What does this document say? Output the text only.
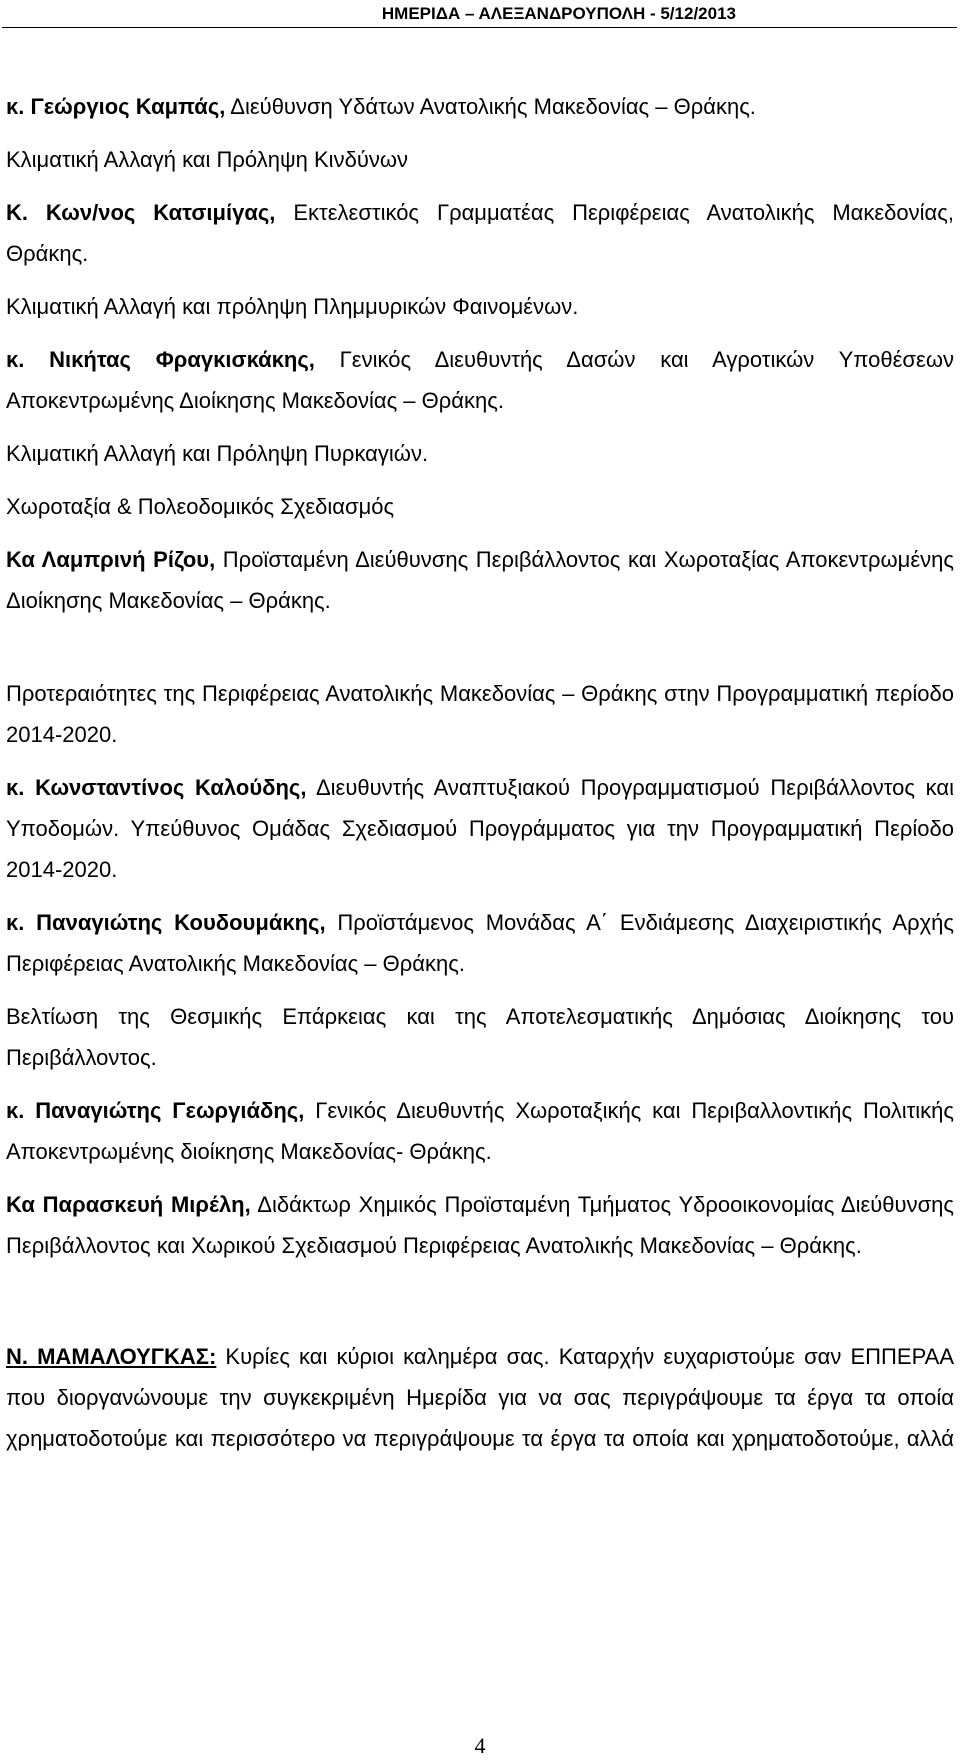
ΗΜΕΡΙΔΑ – ΑΛΕΞΑΝΔΡΟΥΠΟΛΗ - 5/12/2013

κ. Γεώργιος Καμπάς, Διεύθυνση Υδάτων Ανατολικής Μακεδονίας – Θράκης.

Κλιματική Αλλαγή και Πρόληψη Κινδύνων

Κ. Κων/νος Κατσιμίγας, Εκτελεστικός Γραμματέας Περιφέρειας Ανατολικής Μακεδονίας, Θράκης.

Κλιματική Αλλαγή και πρόληψη Πλημμυρικών Φαινομένων.

κ. Νικήτας Φραγκισκάκης, Γενικός Διευθυντής Δασών και Αγροτικών Υποθέσεων Αποκεντρωμένης Διοίκησης Μακεδονίας – Θράκης.

Κλιματική Αλλαγή και Πρόληψη Πυρκαγιών.

Χωροταξία & Πολεοδομικός Σχεδιασμός

Κα Λαμπρινή Ρίζου, Προϊσταμένη Διεύθυνσης Περιβάλλοντος και Χωροταξίας Αποκεντρωμένης Διοίκησης Μακεδονίας – Θράκης.

Προτεραιότητες της Περιφέρειας Ανατολικής Μακεδονίας – Θράκης στην Προγραμματική περίοδο 2014-2020.

κ. Κωνσταντίνος Καλούδης, Διευθυντής Αναπτυξιακού Προγραμματισμού Περιβάλλοντος και Υποδομών. Υπεύθυνος Ομάδας Σχεδιασμού Προγράμματος για την Προγραμματική Περίοδο 2014-2020.

κ. Παναγιώτης Κουδουμάκης, Προϊστάμενος Μονάδας Α΄ Ενδιάμεσης Διαχειριστικής Αρχής Περιφέρειας Ανατολικής Μακεδονίας – Θράκης.

Βελτίωση της Θεσμικής Επάρκειας και της Αποτελεσματικής Δημόσιας Διοίκησης του Περιβάλλοντος.

κ. Παναγιώτης Γεωργιάδης, Γενικός Διευθυντής Χωροταξικής και Περιβαλλοντικής Πολιτικής Αποκεντρωμένης διοίκησης Μακεδονίας- Θράκης.

Κα Παρασκευή Μιρέλη, Διδάκτωρ Χημικός Προϊσταμένη Τμήματος Υδροοικονομίας Διεύθυνσης Περιβάλλοντος και Χωρικού Σχεδιασμού Περιφέρειας Ανατολικής Μακεδονίας – Θράκης.

Ν. ΜΑΜΑΛΟΥΓΚΑΣ: Κυρίες και κύριοι καλημέρα σας. Καταρχήν ευχαριστούμε σαν ΕΠΠΕΡΑΑ που διοργανώνουμε την συγκεκριμένη Ημερίδα για να σας περιγράψουμε τα έργα τα οποία χρηματοδοτούμε και περισσότερο να περιγράψουμε τα έργα τα οποία και χρηματοδοτούμε, αλλά

4
